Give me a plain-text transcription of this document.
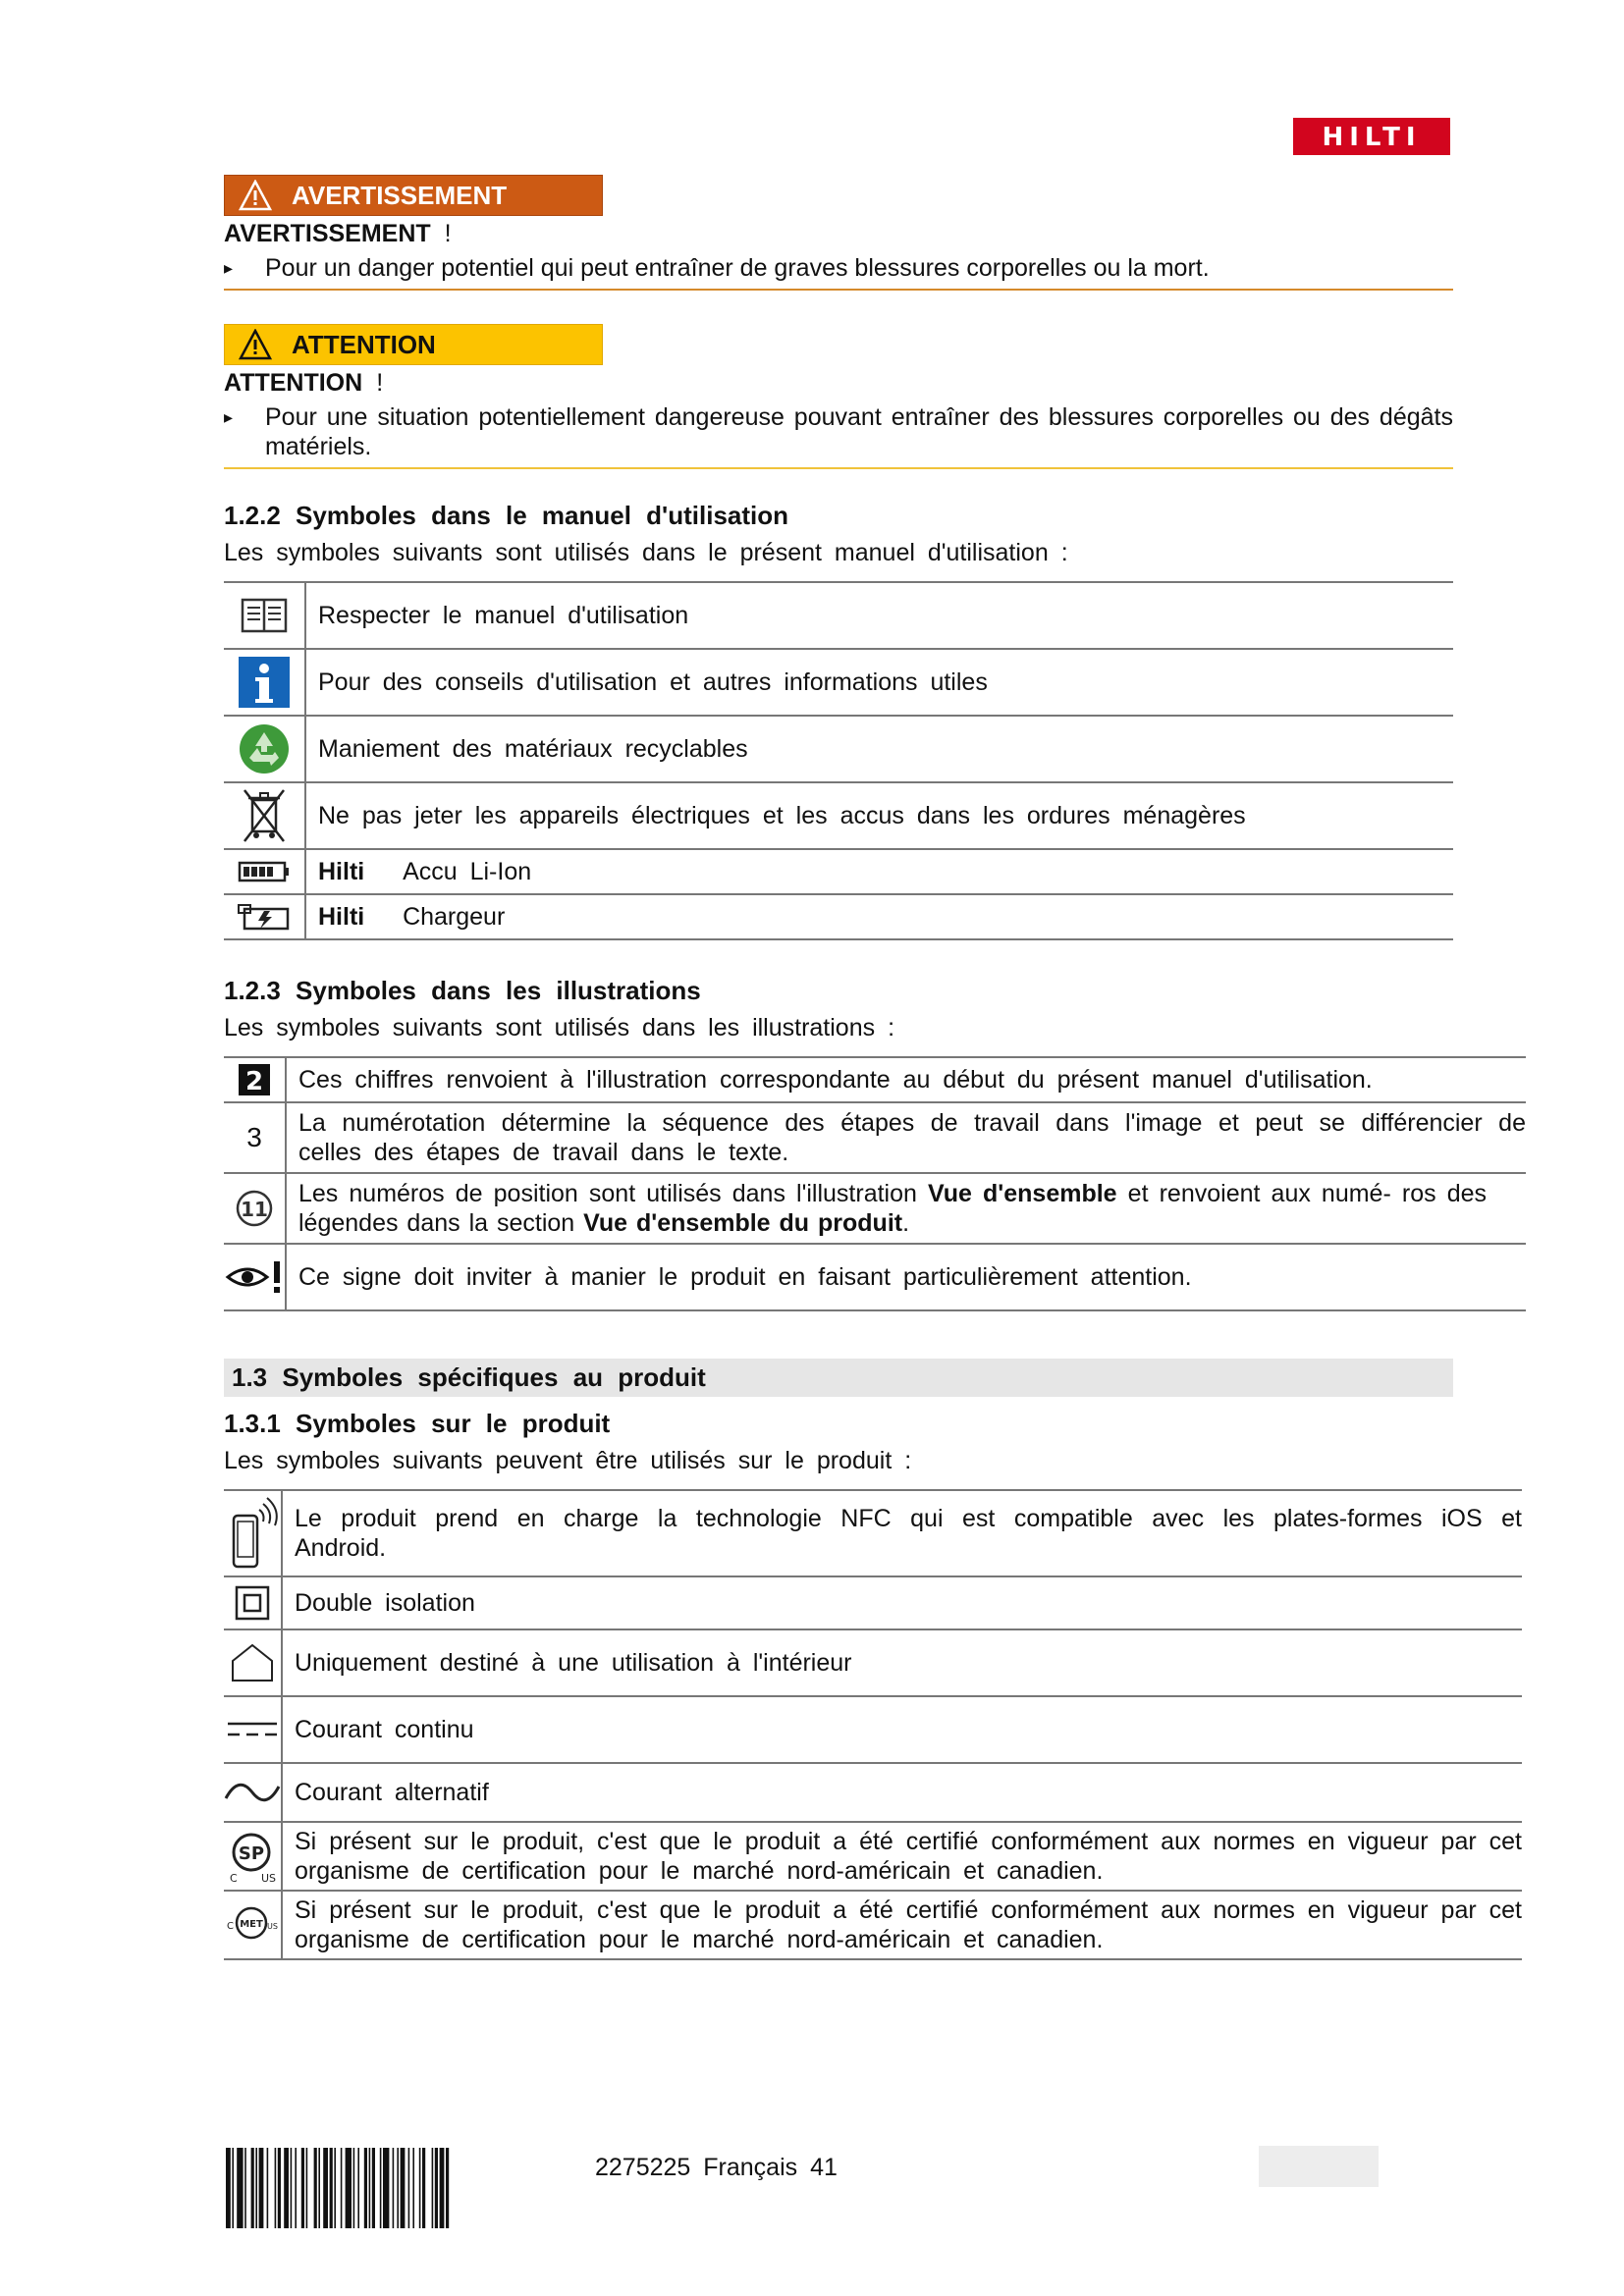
HILTI
AVERTISSEMENT
AVERTISSEMENT !
▸ Pour un danger potentiel qui peut entraîner de graves blessures corporelles ou la mort.
ATTENTION
ATTENTION !
▸ Pour une situation potentiellement dangereuse pouvant entraîner des blessures corporelles ou des dégâts matériels.
1.2.2 Symboles dans le manuel d'utilisation
Les symboles suivants sont utilisés dans le présent manuel d'utilisation :
	Respecter le manuel d'utilisation

	Pour des conseils d'utilisation et autres informations utiles

	Maniement des matériaux recyclables

	Ne pas jeter les appareils électriques et les accus dans les ordures ménagères

	Hilti Accu Li-Ion

	Hilti Chargeur
1.2.3 Symboles dans les illustrations
Les symboles suivants sont utilisés dans les illustrations :
2	Ces chiffres renvoient à l'illustration correspondante au début du présent manuel d'utilisation.
3	La numérotation détermine la séquence des étapes de travail dans l'image et peut se différencier de celles des étapes de travail dans le texte.

11	Les numéros de position sont utilisés dans l'illustration Vue d'ensemble et renvoient aux numé- ros des légendes dans la section Vue d'ensemble du produit.

	Ce signe doit inviter à manier le produit en faisant particulièrement attention.
1.3 Symboles spécifiques au produit
1.3.1 Symboles sur le produit
Les symboles suivants peuvent être utilisés sur le produit :

Le produit prend en charge la technologie NFC qui est compatible avec les plates-formes iOS et Android.

	Double isolation

	Uniquement destiné à une utilisation à l'intérieur

	Courant continu

	Courant alternatif

SP
C US	Si présent sur le produit, c'est que le produit a été certifié conformément aux normes en vigueur par cet organisme de certification pour le marché nord-américain et canadien.

MET
C US	Si présent sur le produit, c'est que le produit a été certifié conformément aux normes en vigueur par cet organisme de certification pour le marché nord-américain et canadien.
2275225 Français 41
